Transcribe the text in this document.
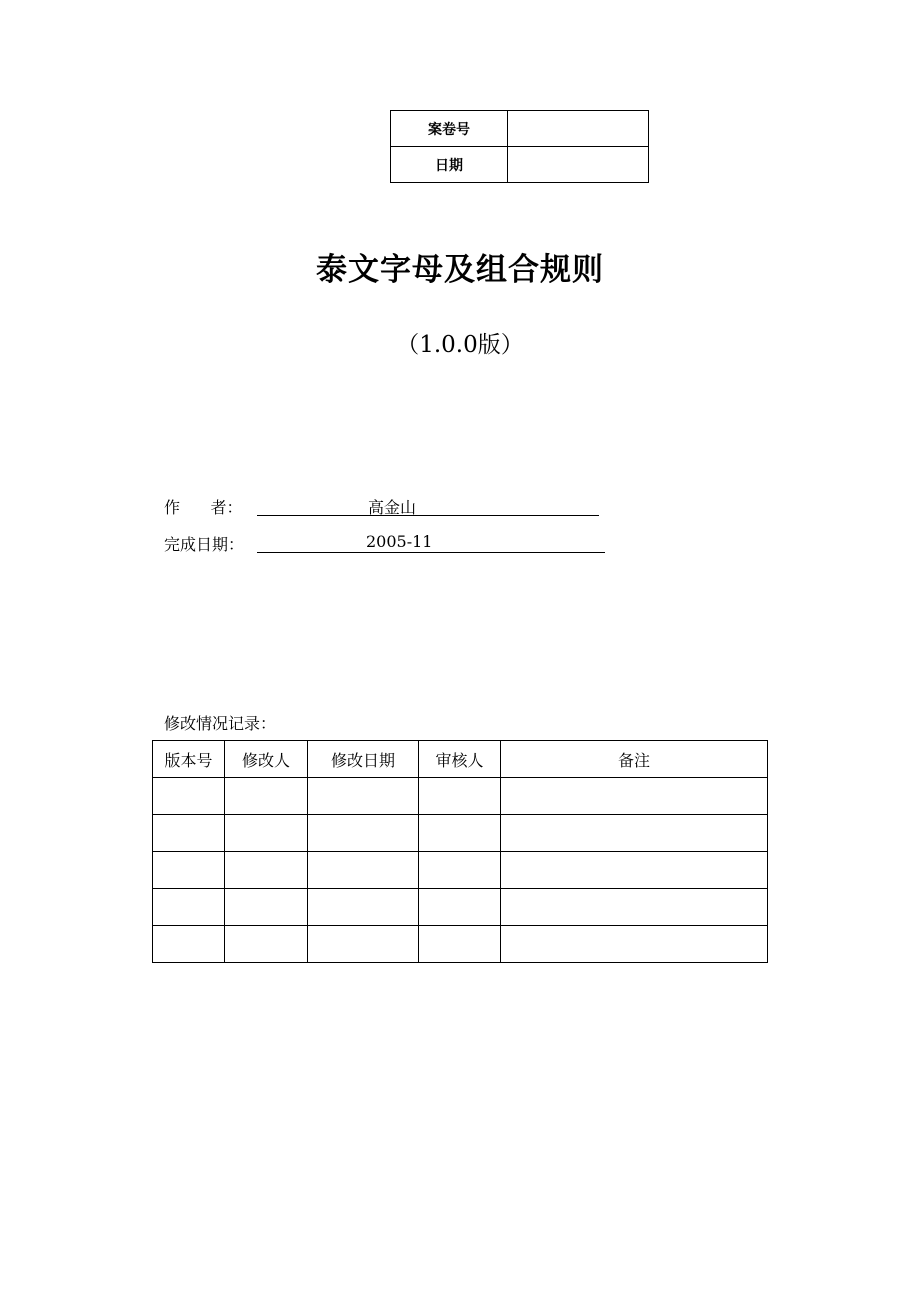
案卷号	
日期	
泰文字母及组合规则
（1.0.0版）
作      者：	高金山
完成日期：	2005-11
修改情况记录：
版本号	修改人	修改日期	审核人	备注
